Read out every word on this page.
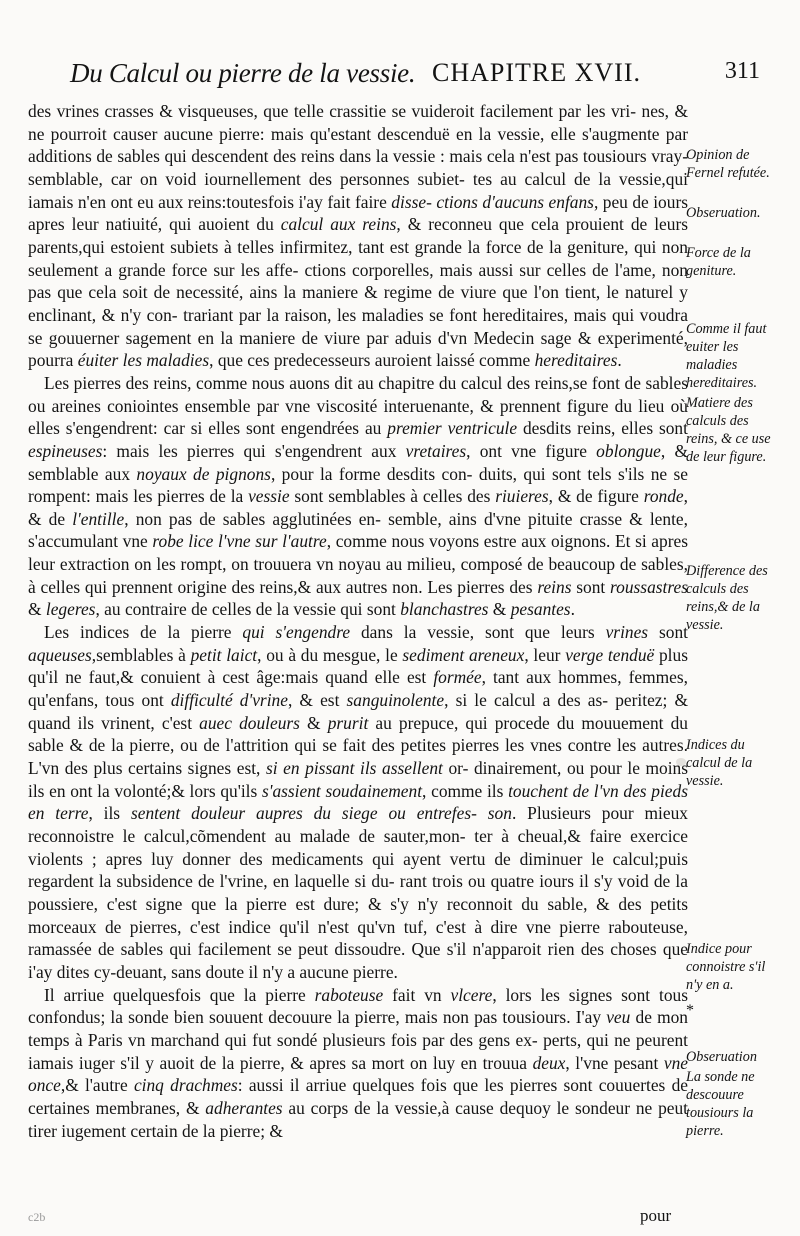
Du Calcul ou pierre de la vessie. CHAPITRE XVII.	311

des vrines crasses & visqueuses, que telle crassitie se vuideroit facilement par les vri- nes, & ne pourroit causer aucune pierre: mais qu'estant descenduë en la vessie, elle s'augmente par additions de sables qui descendent des reins dans la vessie : mais cela n'est pas tousiours vray-semblable, car on void iournellement des personnes subiet- tes au calcul de la vessie,qui iamais n'en ont eu aux reins:toutesfois i'ay fait faire disse- ctions d'aucuns enfans, peu de iours apres leur natiuité, qui auoient du calcul aux reins, & reconneu que cela prouient de leurs parents,qui estoient subiets à telles infirmitez, tant est grande la force de la geniture, qui non seulement a grande force sur les affe- ctions corporelles, mais aussi sur celles de l'ame, non pas que cela soit de necessité, ains la maniere & regime de viure que l'on tient, le naturel y enclinant, & n'y con- trariant par la raison, les maladies se font hereditaires, mais qui voudra se gouuerner sagement en la maniere de viure par aduis d'vn Medecin sage & experimenté, pourra éuiter les maladies, que ces predecesseurs auroient laissé comme hereditaires.

Les pierres des reins, comme nous auons dit au chapitre du calcul des reins,se font de sables ou areines coniointes ensemble par vne viscosité interuenante, & prennent figure du lieu où elles s'engendrent: car si elles sont engendrées au premier ventricule desdits reins, elles sont espineuses: mais les pierres qui s'engendrent aux vretaires, ont vne figure oblongue, & semblable aux noyaux de pignons, pour la forme desdits con- duits, qui sont tels s'ils ne se rompent: mais les pierres de la vessie sont semblables à celles des riuieres, & de figure ronde, & de l'entille, non pas de sables agglutinées en- semble, ains d'vne pituite crasse & lente, s'accumulant vne robe lice l'vne sur l'autre, comme nous voyons estre aux oignons. Et si apres leur extraction on les rompt, on trouuera vn noyau au milieu, composé de beaucoup de sables, à celles qui prennent origine des reins,& aux autres non. Les pierres des reins sont roussastres & legeres, au contraire de celles de la vessie qui sont blanchastres & pesantes.

Les indices de la pierre qui s'engendre dans la vessie, sont que leurs vrines sont aqueuses,semblables à petit laict, ou à du mesgue, le sediment areneux, leur verge tenduë plus qu'il ne faut,& conuient à cest âge:mais quand elle est formée, tant aux hommes, femmes, qu'enfans, tous ont difficulté d'vrine, & est sanguinolente, si le calcul a des as- peritez; & quand ils vrinent, c'est auec douleurs & prurit au prepuce, qui procede du mouuement du sable & de la pierre, ou de l'attrition qui se fait des petites pierres les vnes contre les autres. L'vn des plus certains signes est, si en pissant ils assellent or- dinairement, ou pour le moins ils en ont la volonté;& lors qu'ils s'assient soudainement, comme ils touchent de l'vn des pieds en terre, ils sentent douleur aupres du siege ou entrefes- son. Plusieurs pour mieux reconnoistre le calcul,cõmendent au malade de sauter,mon- ter à cheual,& faire exercice violents ; apres luy donner des medicaments qui ayent vertu de diminuer le calcul;puis regardent la subsidence de l'vrine, en laquelle si du- rant trois ou quatre iours il s'y void de la poussiere, c'est signe que la pierre est dure; & s'y n'y reconnoit du sable, & des petits morceaux de pierres, c'est indice qu'il n'est qu'vn tuf, c'est à dire vne pierre rabouteuse, ramassée de sables qui facilement se peut dissoudre. Que s'il n'apparoit rien des choses que i'ay dites cy-deuant, sans doute il n'y a aucune pierre.

Il arriue quelquesfois que la pierre raboteuse fait vn vlcere, lors les signes sont tous confondus; la sonde bien souuent decouure la pierre, mais non pas tousiours. I'ay veu de mon temps à Paris vn marchand qui fut sondé plusieurs fois par des gens ex- perts, qui ne peurent iamais iuger s'il y auoit de la pierre, & apres sa mort on luy en trouua deux, l'vne pesant vne once,& l'autre cinq drachmes: aussi il arriue quelques fois que les pierres sont couuertes de certaines membranes, & adherantes au corps de la vessie,à cause dequoy le sondeur ne peut tirer iugement certain de la pierre; &

Opinion de Fernel refutée.
Obseruation.
Force de la geniture.
Comme il faut euiter les maladies hereditaires.
Matiere des calculs des reins, & ce use de leur figure.
Difference des calculs des reins,& de la vessie.
Indices du calcul de la vessie.
Indice pour connoistre s'il n'y en a.
*
Obseruation
La sonde ne descouure tousiours la pierre.
c2b	pour
